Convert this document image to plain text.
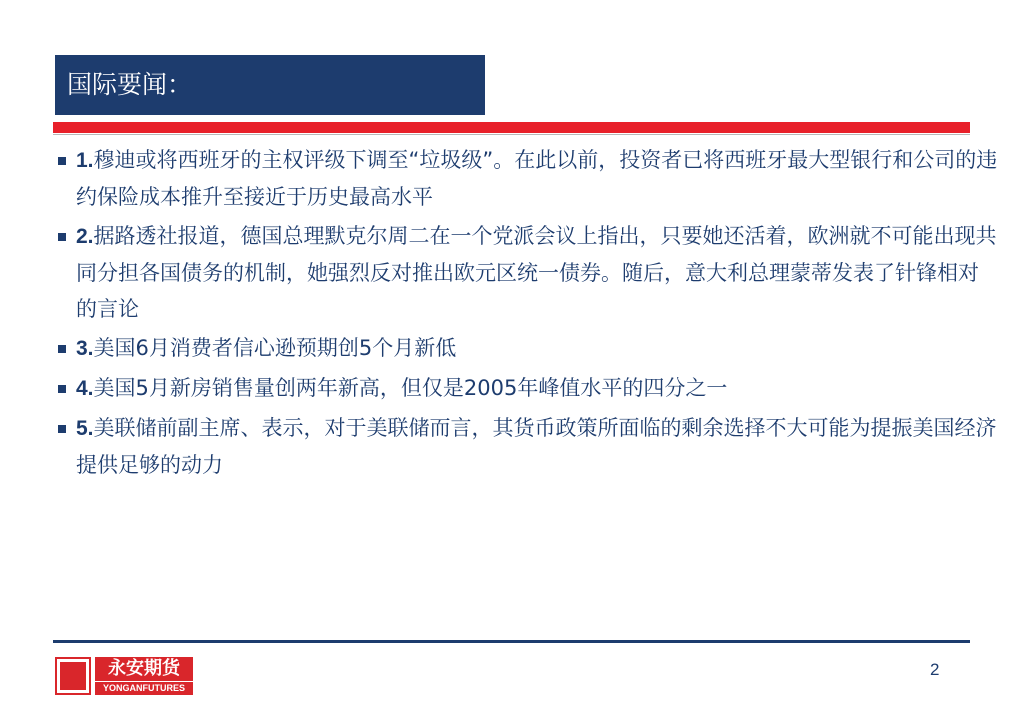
国际要闻：
1.穆迪或将西班牙的主权评级下调至“垃圾级”。在此以前，投资者已将西班牙最大型银行和公司的违约保险成本推升至接近于历史最高水平
2.据路透社报道，德国总理默克尔周二在一个党派会议上指出，只要她还活着，欧洲就不可能出现共同分担各国债务的机制，她强烈反对推出欧元区统一债券。随后，意大利总理蒙蒂发表了针锋相对的言论
3.美国6月消费者信心逊预期创5个月新低
4.美国5月新房销售量创两年新高，但仅是2005年峰值水平的四分之一
5.美联储前副主席、表示，对于美联储而言，其货币政策所面临的剩余选择不大可能为提振美国经济提供足够的动力
永安期货
YONGANFUTURES
2
